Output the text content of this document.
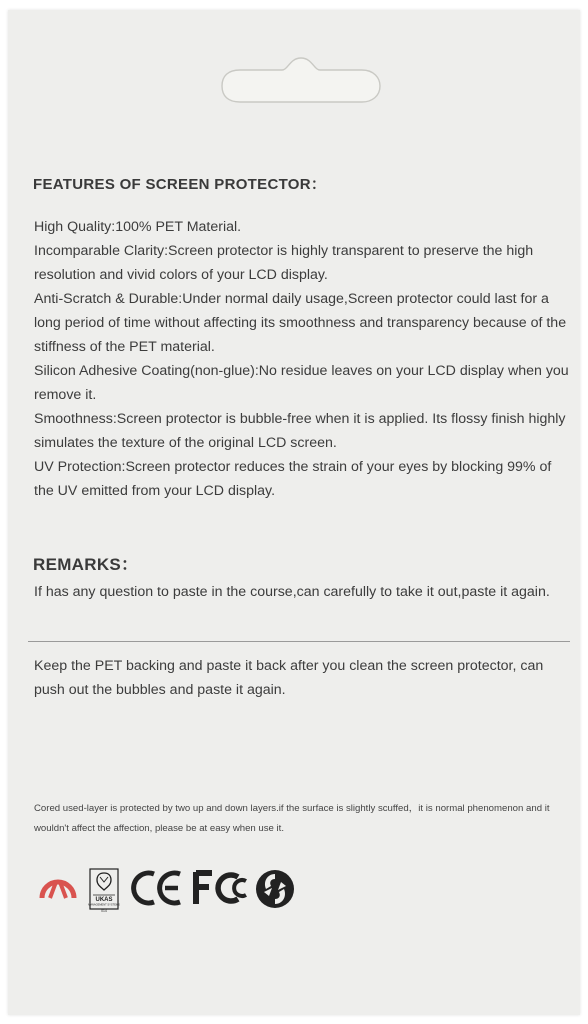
FEATURES OF SCREEN PROTECTOR：
High Quality:100% PET Material.
Incomparable Clarity:Screen protector is highly transparent to preserve the high resolution and vivid colors of your LCD display.
Anti-Scratch & Durable:Under normal daily usage,Screen protector could last for a long period of time without affecting its smoothness and transparency because of the stiffness of the PET material.
Silicon Adhesive Coating(non-glue):No residue leaves on your LCD display when you remove it.
Smoothness:Screen protector is bubble-free when it is applied. Its flossy finish highly simulates the texture of the original LCD screen.
UV Protection:Screen protector reduces the strain of your eyes by blocking 99% of the UV emitted from your LCD display.
REMARKS：
If has any question to paste in the course,can carefully to take it out,paste it again.
Keep the PET backing and paste it back after you clean the screen protector, can push out the bubbles and paste it again.
Cored used-layer is protected by two up and down layers.if the surface is slightly scuffed，it is normal phenomenon and it wouldn't affect the affection, please be at easy when use it.
UKAS
MANAGEMENT SYSTEMS
014
